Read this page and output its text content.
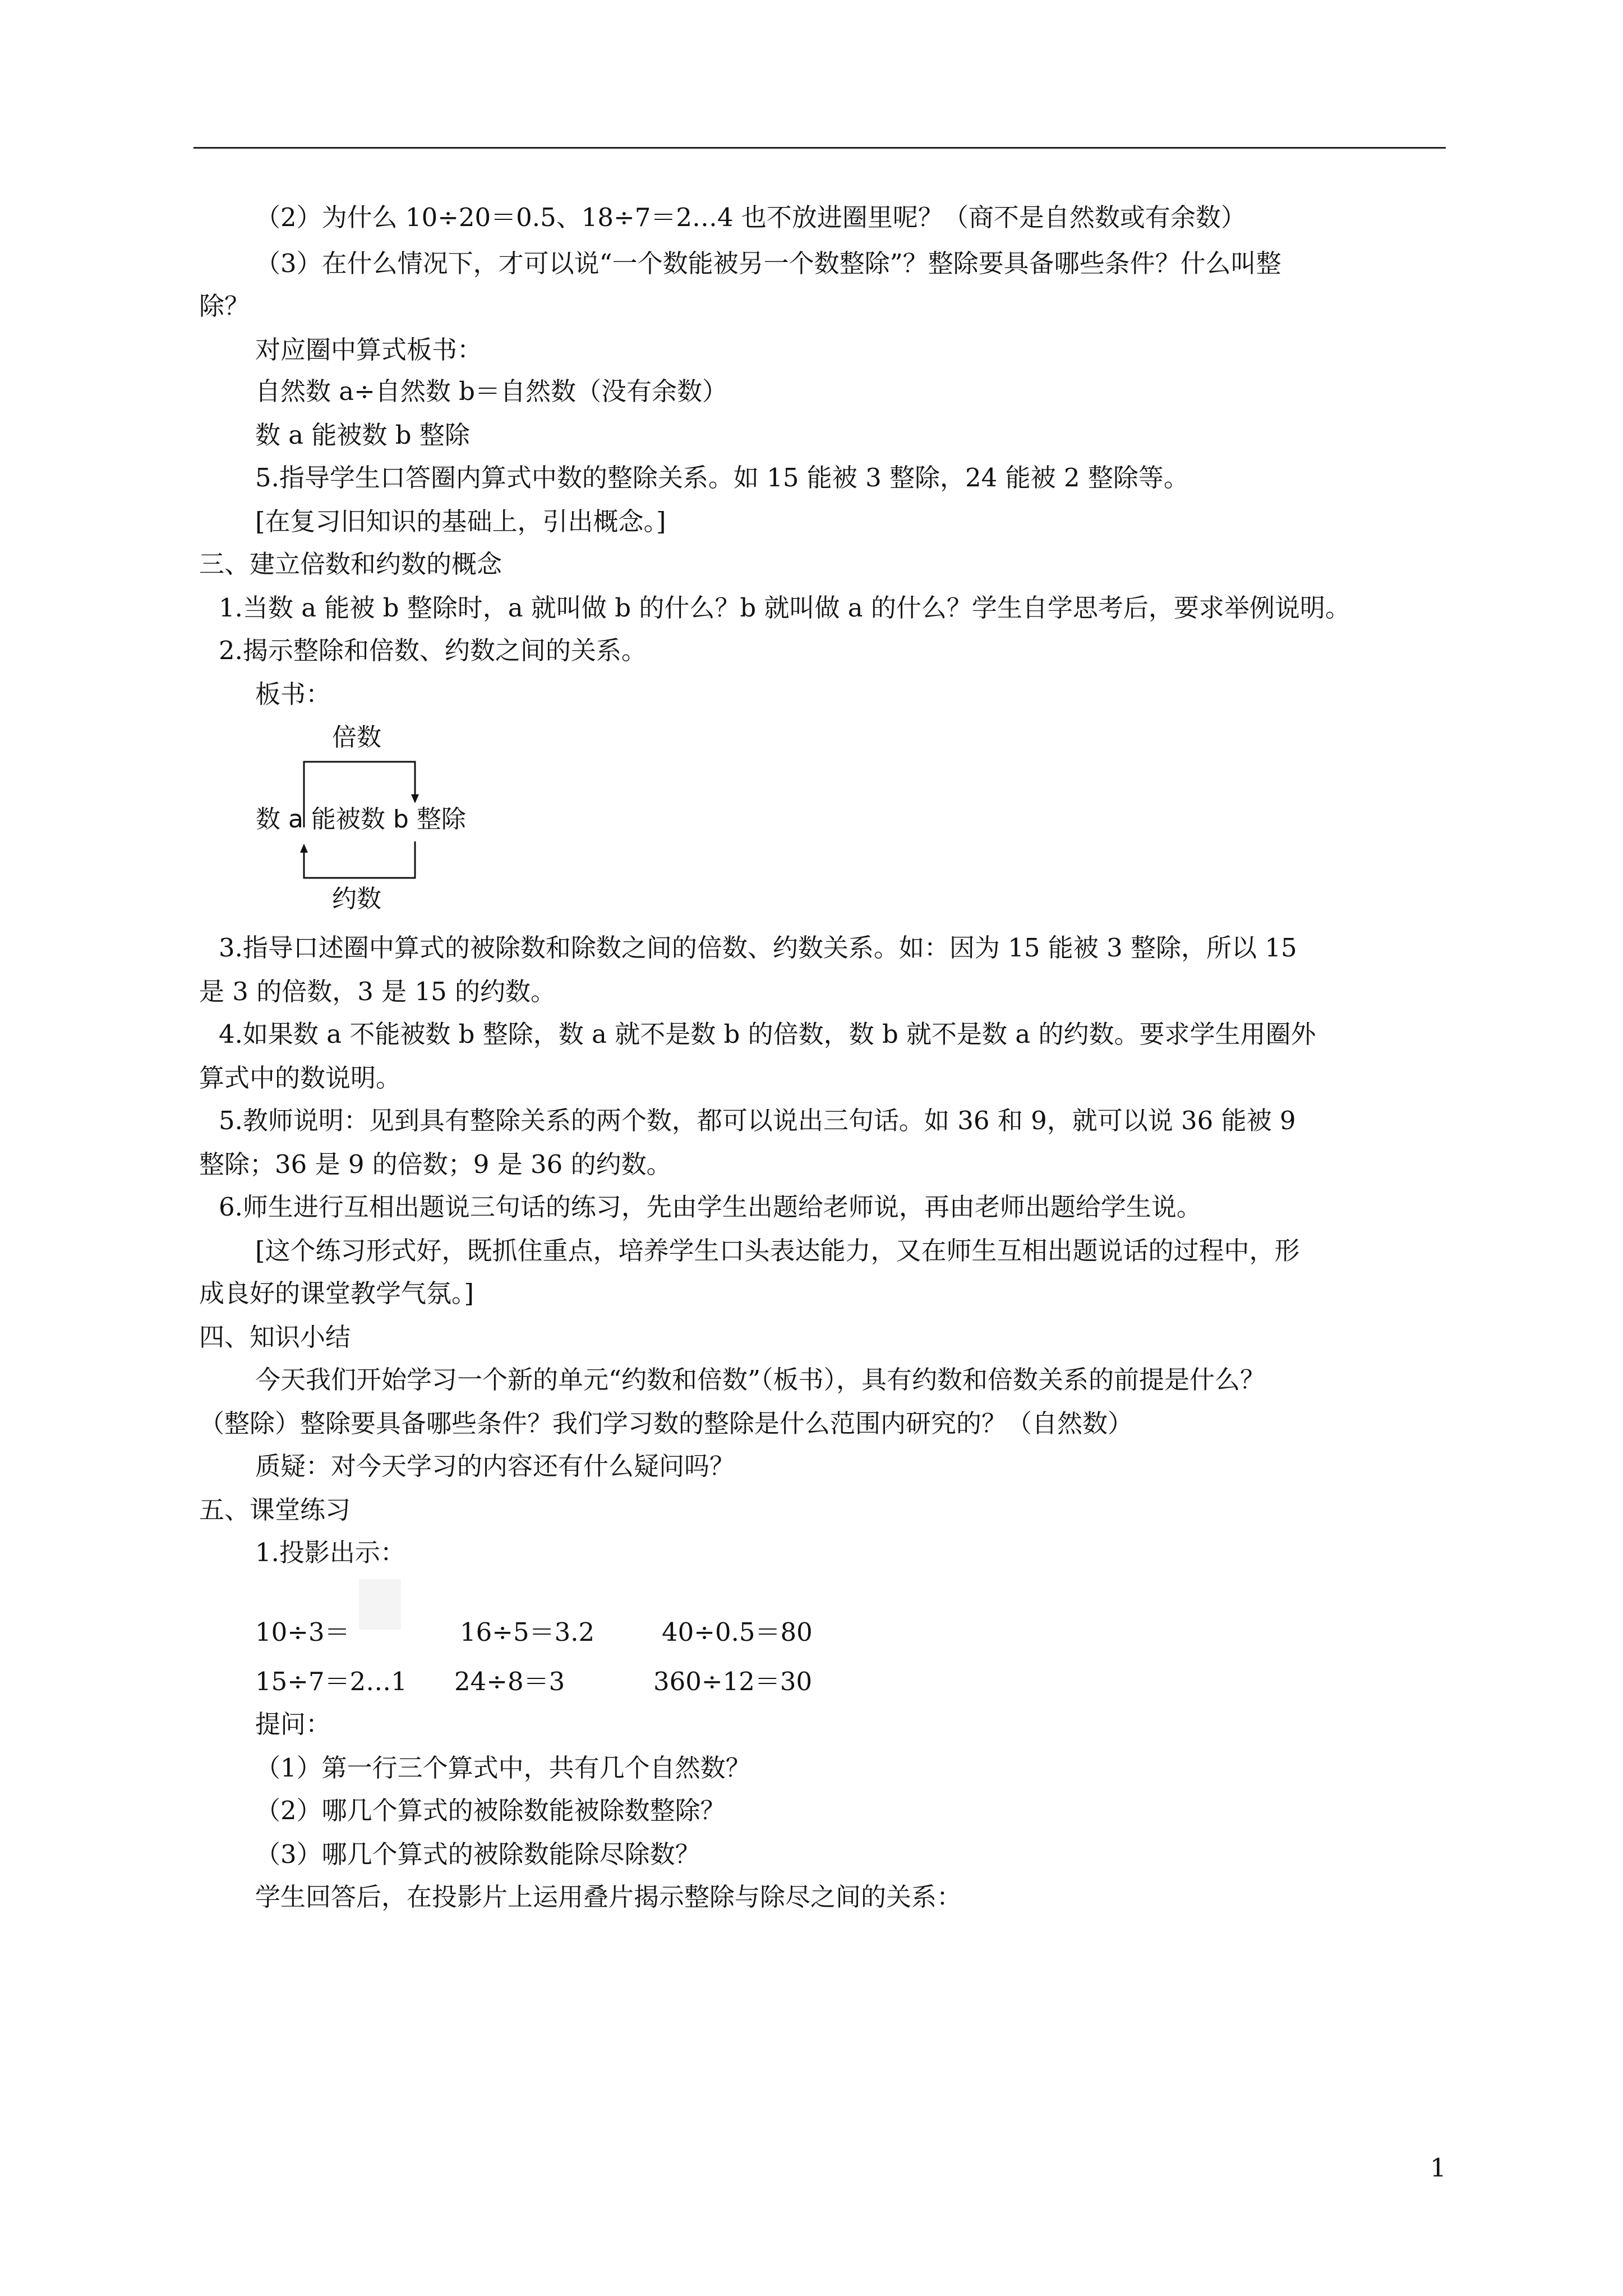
（2）为什么 10÷20＝0.5、18÷7＝2…4 也不放进圈里呢？（商不是自然数或有余数）
（3）在什么情况下，才可以说“一个数能被另一个数整除”？整除要具备哪些条件？什么叫整
除？
对应圈中算式板书：
自然数 a÷自然数 b＝自然数（没有余数）
数 a 能被数 b 整除
5.指导学生口答圈内算式中数的整除关系。如 15 能被 3 整除，24 能被 2 整除等。
[在复习旧知识的基础上，引出概念。]
三、建立倍数和约数的概念
1.当数 a 能被 b 整除时，a 就叫做 b 的什么？b 就叫做 a 的什么？学生自学思考后，要求举例说明。
2.揭示整除和倍数、约数之间的关系。
板书：
倍数
数 a 能被数 b 整除
约数
3.指导口述圈中算式的被除数和除数之间的倍数、约数关系。如：因为 15 能被 3 整除，所以 15
是 3 的倍数，3 是 15 的约数。
4.如果数 a 不能被数 b 整除，数 a 就不是数 b 的倍数，数 b 就不是数 a 的约数。要求学生用圈外
算式中的数说明。
5.教师说明：见到具有整除关系的两个数，都可以说出三句话。如 36 和 9，就可以说 36 能被 9
整除；36 是 9 的倍数；9 是 36 的约数。
6.师生进行互相出题说三句话的练习，先由学生出题给老师说，再由老师出题给学生说。
[这个练习形式好，既抓住重点，培养学生口头表达能力，又在师生互相出题说话的过程中，形
成良好的课堂教学气氛。]
四、知识小结
今天我们开始学习一个新的单元“约数和倍数”（板书），具有约数和倍数关系的前提是什么？
（整除）整除要具备哪些条件？我们学习数的整除是什么范围内研究的？（自然数）
质疑：对今天学习的内容还有什么疑问吗？
五、课堂练习
1.投影出示：
10÷3＝	16÷5＝3.2	40÷0.5＝80
15÷7＝2…1 24÷8＝3	360÷12＝30
提问：
（1）第一行三个算式中，共有几个自然数？
（2）哪几个算式的被除数能被除数整除？
（3）哪几个算式的被除数能除尽除数？
学生回答后，在投影片上运用叠片揭示整除与除尽之间的关系：
1
